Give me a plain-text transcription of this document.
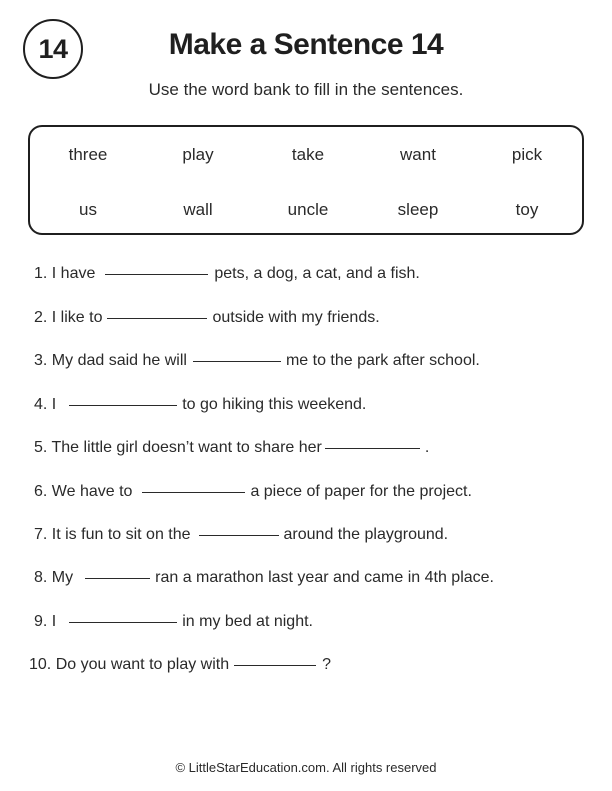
14	Make a Sentence 14
Use the word bank to fill in the sentences.
three	play	take	want	pick
us	wall	uncle	sleep	toy
1. I have	pets, a dog, a cat, and a fish.
2. I like to	outside with my friends.
3. My dad said he will	me to the park after school.
4. I	to go hiking this weekend.
5. The little girl doesn’t want to share her	.
6. We have to	a piece of paper for the project.
7. It is fun to sit on the	around the playground.
8. My	ran a marathon last year and came in 4th place.
9. I	in my bed at night.
10. Do you want to play with	?
© LittleStarEducation.com. All rights reserved
